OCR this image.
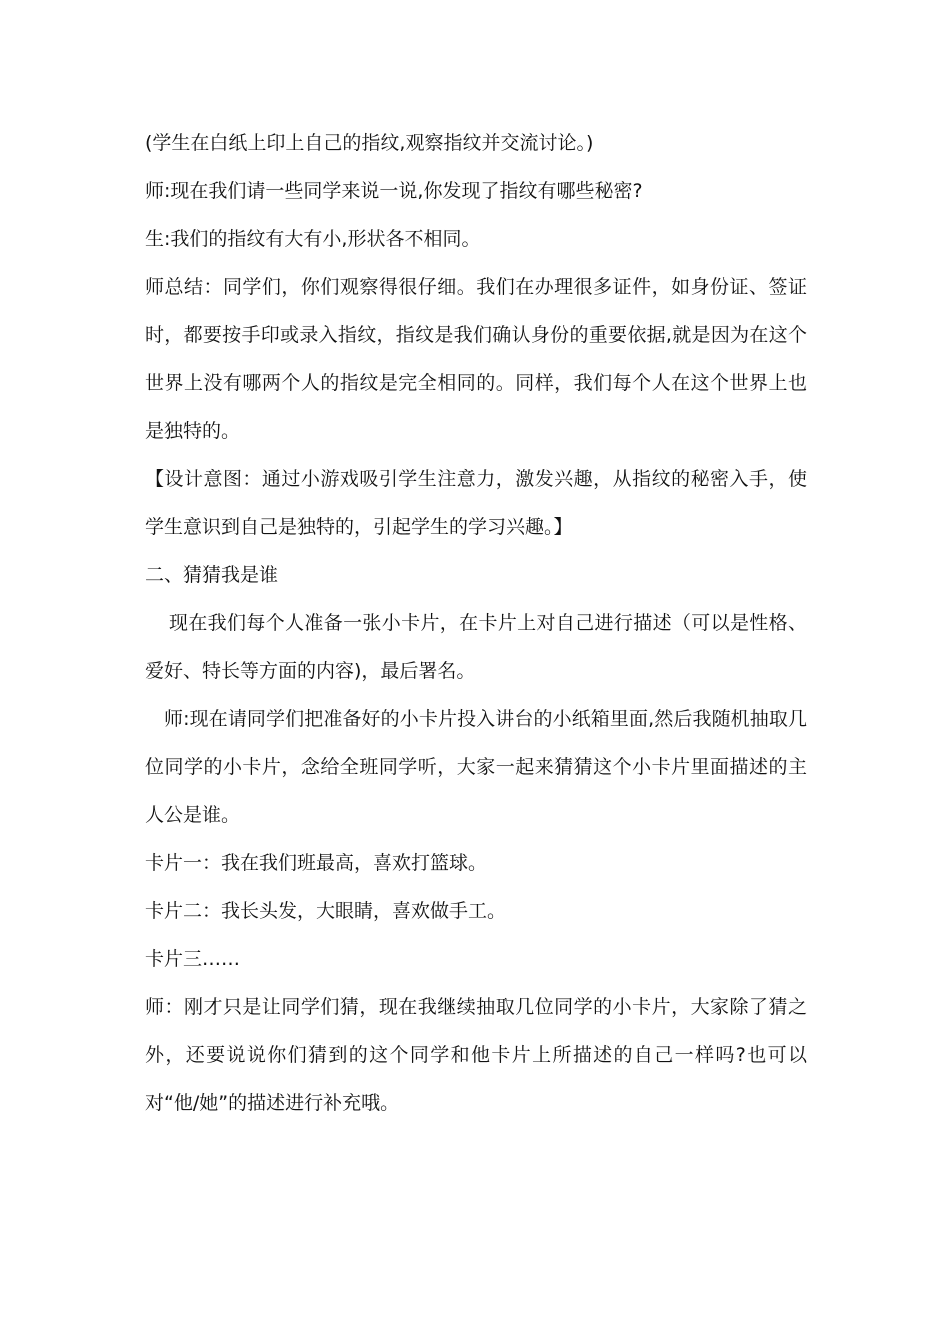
(学生在白纸上印上自己的指纹,观察指纹并交流讨论。)

师:现在我们请一些同学来说一说,你发现了指纹有哪些秘密?

生:我们的指纹有大有小,形状各不相同。

师总结：同学们，你们观察得很仔细。我们在办理很多证件，如身份证、签证时，都要按手印或录入指纹，指纹是我们确认身份的重要依据,就是因为在这个世界上没有哪两个人的指纹是完全相同的。同样，我们每个人在这个世界上也是独特的。

【设计意图：通过小游戏吸引学生注意力，激发兴趣，从指纹的秘密入手，使学生意识到自己是独特的，引起学生的学习兴趣。】

二、猜猜我是谁

现在我们每个人准备一张小卡片，在卡片上对自己进行描述（可以是性格、爱好、特长等方面的内容)，最后署名。

师:现在请同学们把准备好的小卡片投入讲台的小纸箱里面,然后我随机抽取几位同学的小卡片，念给全班同学听，大家一起来猜猜这个小卡片里面描述的主人公是谁。

卡片一：我在我们班最高，喜欢打篮球。

卡片二：我长头发，大眼睛，喜欢做手工。

卡片三……

师：刚才只是让同学们猜，现在我继续抽取几位同学的小卡片，大家除了猜之外，还要说说你们猜到的这个同学和他卡片上所描述的自己一样吗?也可以对“他/她”的描述进行补充哦。
